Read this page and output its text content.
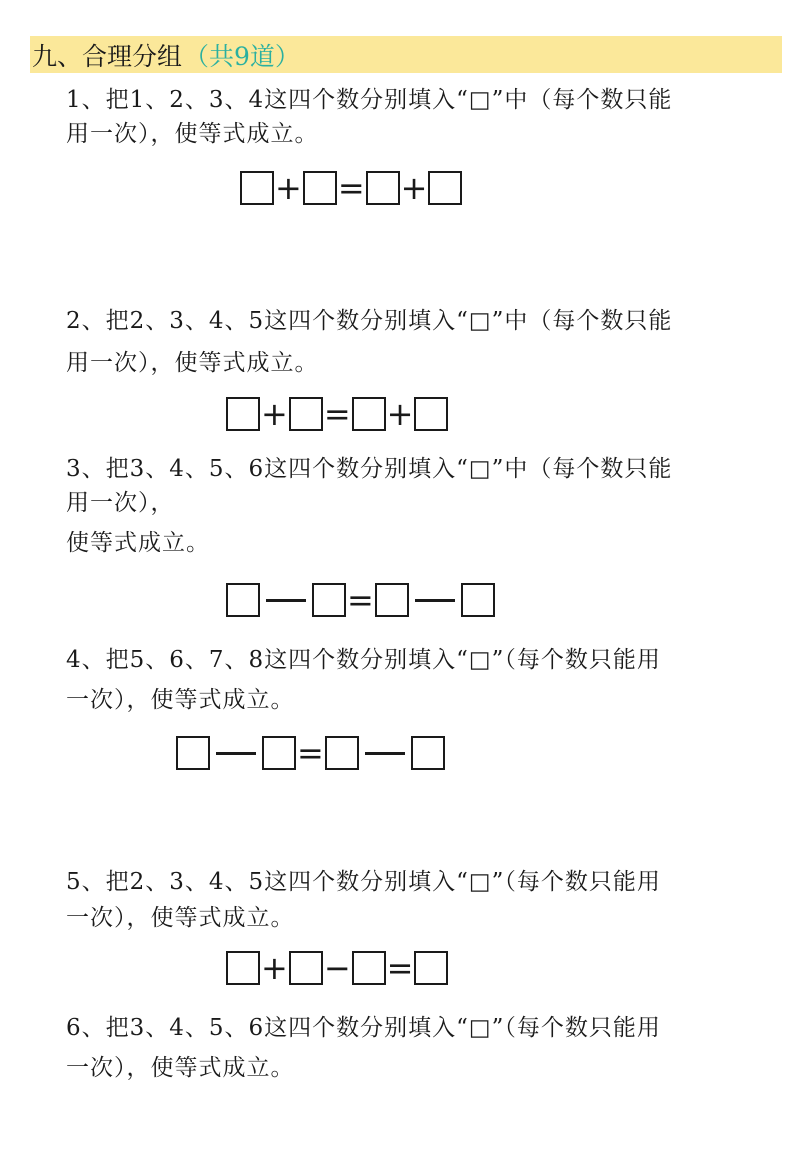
九、合理分组 （共9道）
1、把1、2、3、4这四个数分别填入“□”中（每个数只能
用一次），使等式成立。
+ = +
2、把2、3、4、5这四个数分别填入“□”中（每个数只能
用一次），使等式成立。
+ = +
3、把3、4、5、6这四个数分别填入“□”中（每个数只能
用一次），
使等式成立。
=
4、把5、6、7、8这四个数分别填入“□”（每个数只能用
一次），使等式成立。
=
5、把2、3、4、5这四个数分别填入“□”（每个数只能用
一次），使等式成立。
+ − =
6、把3、4、5、6这四个数分别填入“□”（每个数只能用
一次），使等式成立。
